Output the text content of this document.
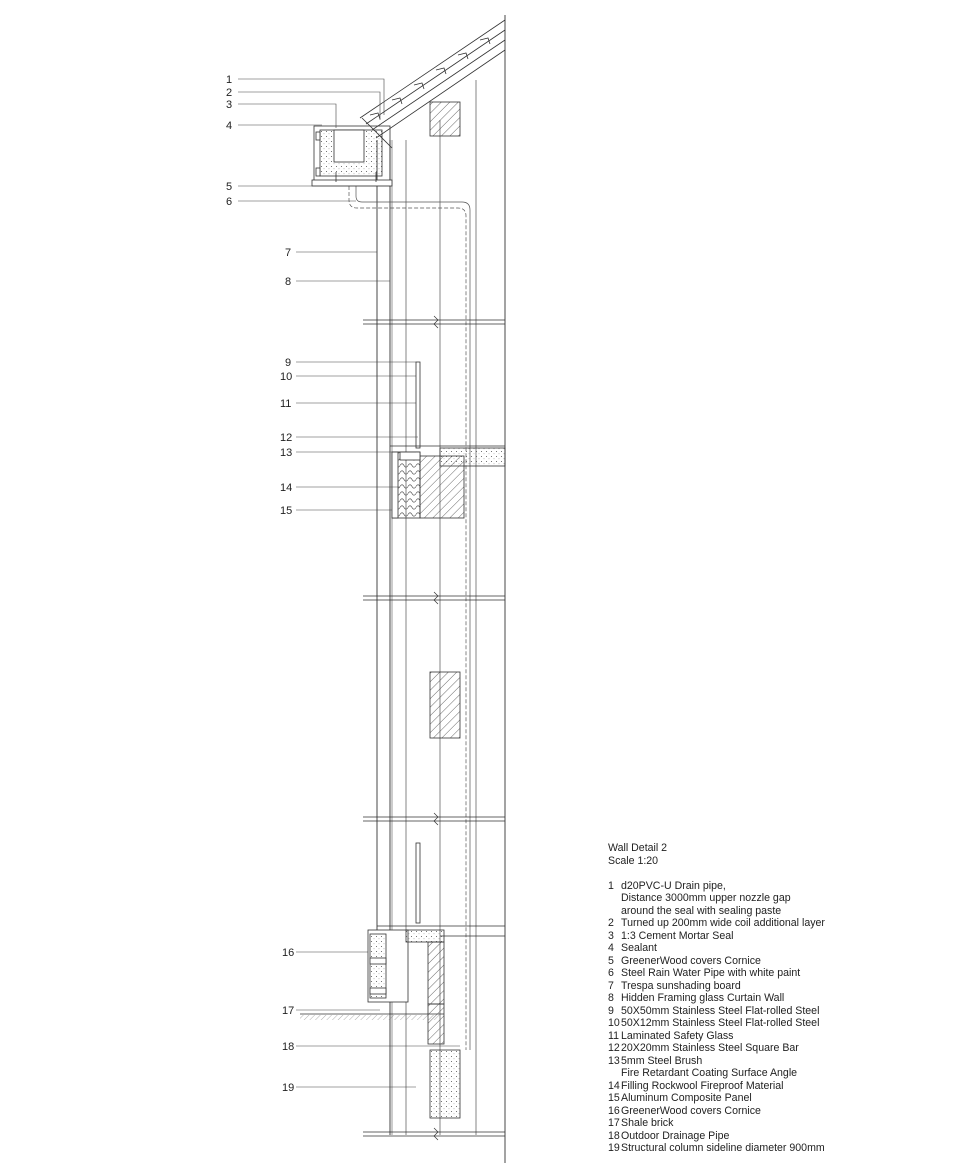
1
2
3
4
5
6
7
8
9
10
11
12
13
14
15
16
17
18
19

Wall Detail 2

Scale 1:20

1 d20PVC-U Drain pipe,
Distance 3000mm upper nozzle gap
around the seal with sealing paste
2 Turned up 200mm wide coil additional layer
3 1:3 Cement Mortar Seal
4 Sealant
5 GreenerWood covers Cornice
6 Steel Rain Water Pipe with white paint
7 Trespa sunshading board
8 Hidden Framing glass Curtain Wall
9 50X50mm Stainless Steel Flat-rolled Steel
1050X12mm Stainless Steel Flat-rolled Steel
11 Laminated Safety Glass
1220X20mm Stainless Steel Square Bar
135mm Steel Brush
Fire Retardant Coating Surface Angle
14Filling Rockwool Fireproof Material
15Aluminum Composite Panel
16GreenerWood covers Cornice
17Shale brick
18Outdoor Drainage Pipe
19Structural column sideline diameter 900mm
